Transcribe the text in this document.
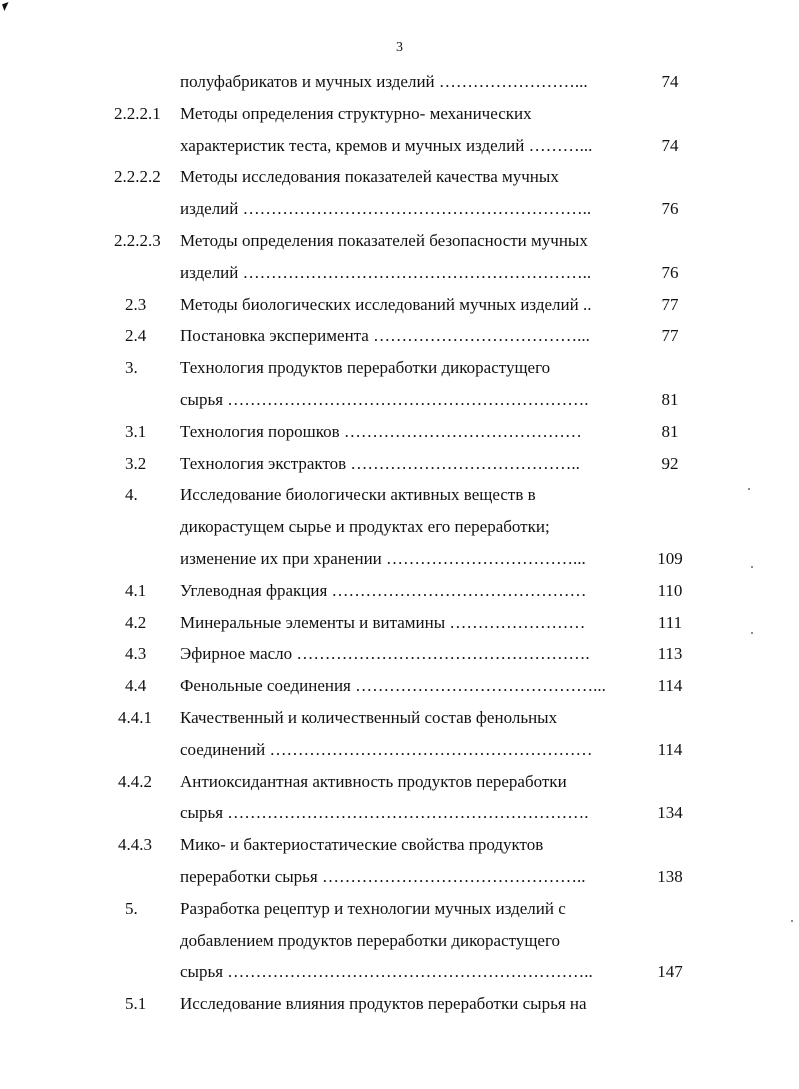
3
полуфабрикатов и мучных изделий ……………………...	74
2.2.2.1 Методы определения структурно- механических
характеристик теста, кремов и мучных изделий ………...	74
2.2.2.2 Методы исследования показателей качества мучных
изделий ……………………………………………………..	76
2.2.2.3 Методы определения показателей безопасности мучных
изделий ……………………………………………………..	76
2.3 Методы биологических исследований мучных изделий ..	77
2.4 Постановка эксперимента ………………………………...	77
3. Технология продуктов переработки дикорастущего
сырья ……………………………………………………….	81
3.1 Технология порошков ……………………………………	81
3.2 Технология экстрактов …………………………………..	92
4. Исследование биологически активных веществ в
дикорастущем сырье и продуктах его переработки;
изменение их при хранении ……………………………...	109
4.1 Углеводная фракция ………………………………………	110
4.2 Минеральные элементы и витамины ……………………	111
4.3 Эфирное масло …………………………………………….	113
4.4 Фенольные соединения ……………………………………...	114
4.4.1 Качественный и количественный состав фенольных
соединений …………………………………………………	114
4.4.2 Антиоксидантная активность продуктов переработки
сырья ……………………………………………………….	134
4.4.3 Мико- и бактериостатические свойства продуктов
переработки сырья ………………………………………..	138
5. Разработка рецептур и технологии мучных изделий с
добавлением продуктов переработки дикорастущего
сырья ………………………………………………………..	147
5.1 Исследование влияния продуктов переработки сырья на
